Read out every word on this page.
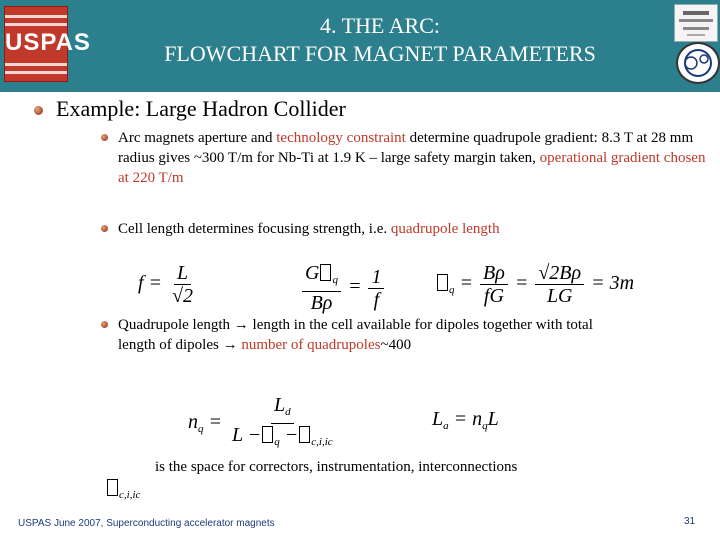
USPAS
4. THE ARC:
FLOWCHART FOR MAGNET PARAMETERS
Example: Large Hadron Collider
Arc magnets aperture and technology constraint determine quadrupole gradient: 8.3 T at 28 mm radius gives ~300 T/m for Nb-Ti at 1.9 K – large safety margin taken, operational gradient chosen at 220 T/m
Cell length determines focusing strength, i.e. quadrupole length
$f = \frac{L}{√2}$	$\frac{G _q}{B\rho} = \frac{1}{f}$	$_q = \frac{B\rho}{fG} = \frac{√2B\rho}{LG} = 3m$
Quadrupole length → length in the cell available for dipoles together with total length of dipoles → number of quadrupoles~400
$n_q = \frac{L_d}{L - _q - _{c,i,ic}}$	$L_a = n_qL$
is the space for correctors, instrumentation, interconnections
$_{c,i,ic}$
USPAS June 2007, Superconducting accelerator magnets	31
